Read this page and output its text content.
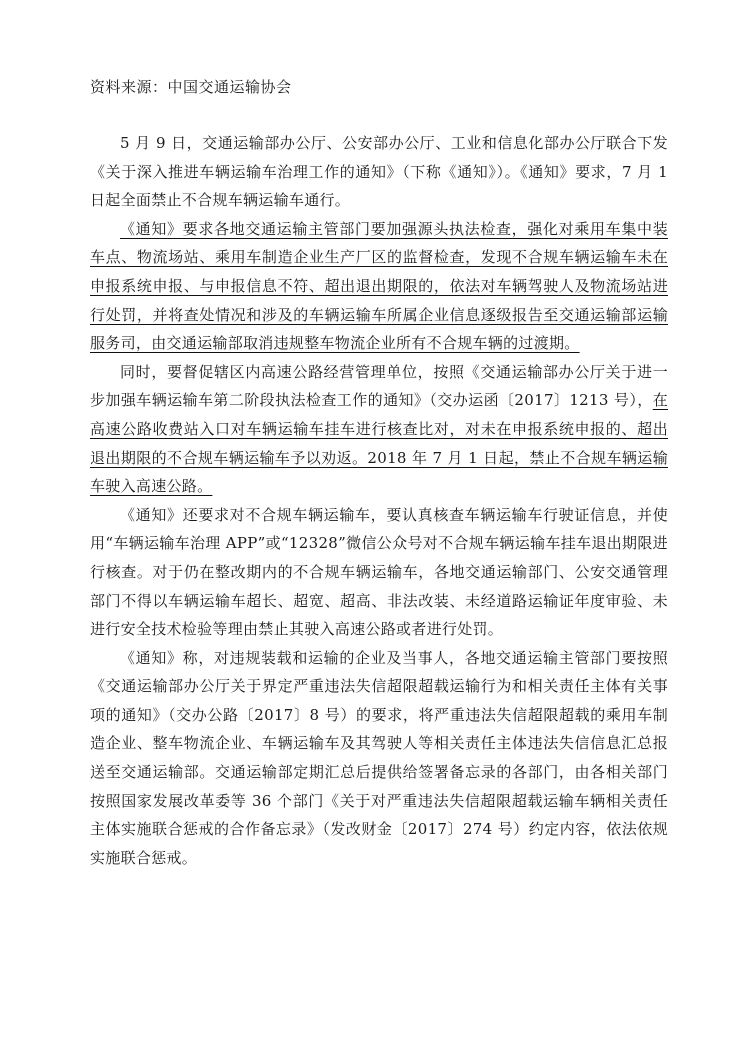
资料来源：中国交通运输协会

5 月 9 日，交通运输部办公厅、公安部办公厅、工业和信息化部办公厅联合下发《关于深入推进车辆运输车治理工作的通知》（下称《通知》）。《通知》要求，7 月 1 日起全面禁止不合规车辆运输车通行。

《通知》要求各地交通运输主管部门要加强源头执法检查，强化对乘用车集中装车点、物流场站、乘用车制造企业生产厂区的监督检查，发现不合规车辆运输车未在申报系统申报、与申报信息不符、超出退出期限的，依法对车辆驾驶人及物流场站进行处罚，并将查处情况和涉及的车辆运输车所属企业信息逐级报告至交通运输部运输服务司，由交通运输部取消违规整车物流企业所有不合规车辆的过渡期。

同时，要督促辖区内高速公路经营管理单位，按照《交通运输部办公厅关于进一步加强车辆运输车第二阶段执法检查工作的通知》（交办运函〔2017〕1213 号），在高速公路收费站入口对车辆运输车挂车进行核查比对，对未在申报系统申报的、超出退出期限的不合规车辆运输车予以劝返。2018 年 7 月 1 日起，禁止不合规车辆运输车驶入高速公路。

《通知》还要求对不合规车辆运输车，要认真核查车辆运输车行驶证信息，并使用“车辆运输车治理 APP”或“12328”微信公众号对不合规车辆运输车挂车退出期限进行核查。对于仍在整改期内的不合规车辆运输车，各地交通运输部门、公安交通管理部门不得以车辆运输车超长、超宽、超高、非法改装、未经道路运输证年度审验、未进行安全技术检验等理由禁止其驶入高速公路或者进行处罚。

《通知》称，对违规装载和运输的企业及当事人，各地交通运输主管部门要按照《交通运输部办公厅关于界定严重违法失信超限超载运输行为和相关责任主体有关事项的通知》（交办公路〔2017〕8 号）的要求，将严重违法失信超限超载的乘用车制造企业、整车物流企业、车辆运输车及其驾驶人等相关责任主体违法失信信息汇总报送至交通运输部。交通运输部定期汇总后提供给签署备忘录的各部门，由各相关部门按照国家发展改革委等 36 个部门《关于对严重违法失信超限超载运输车辆相关责任主体实施联合惩戒的合作备忘录》（发改财金〔2017〕274 号）约定内容，依法依规实施联合惩戒。
